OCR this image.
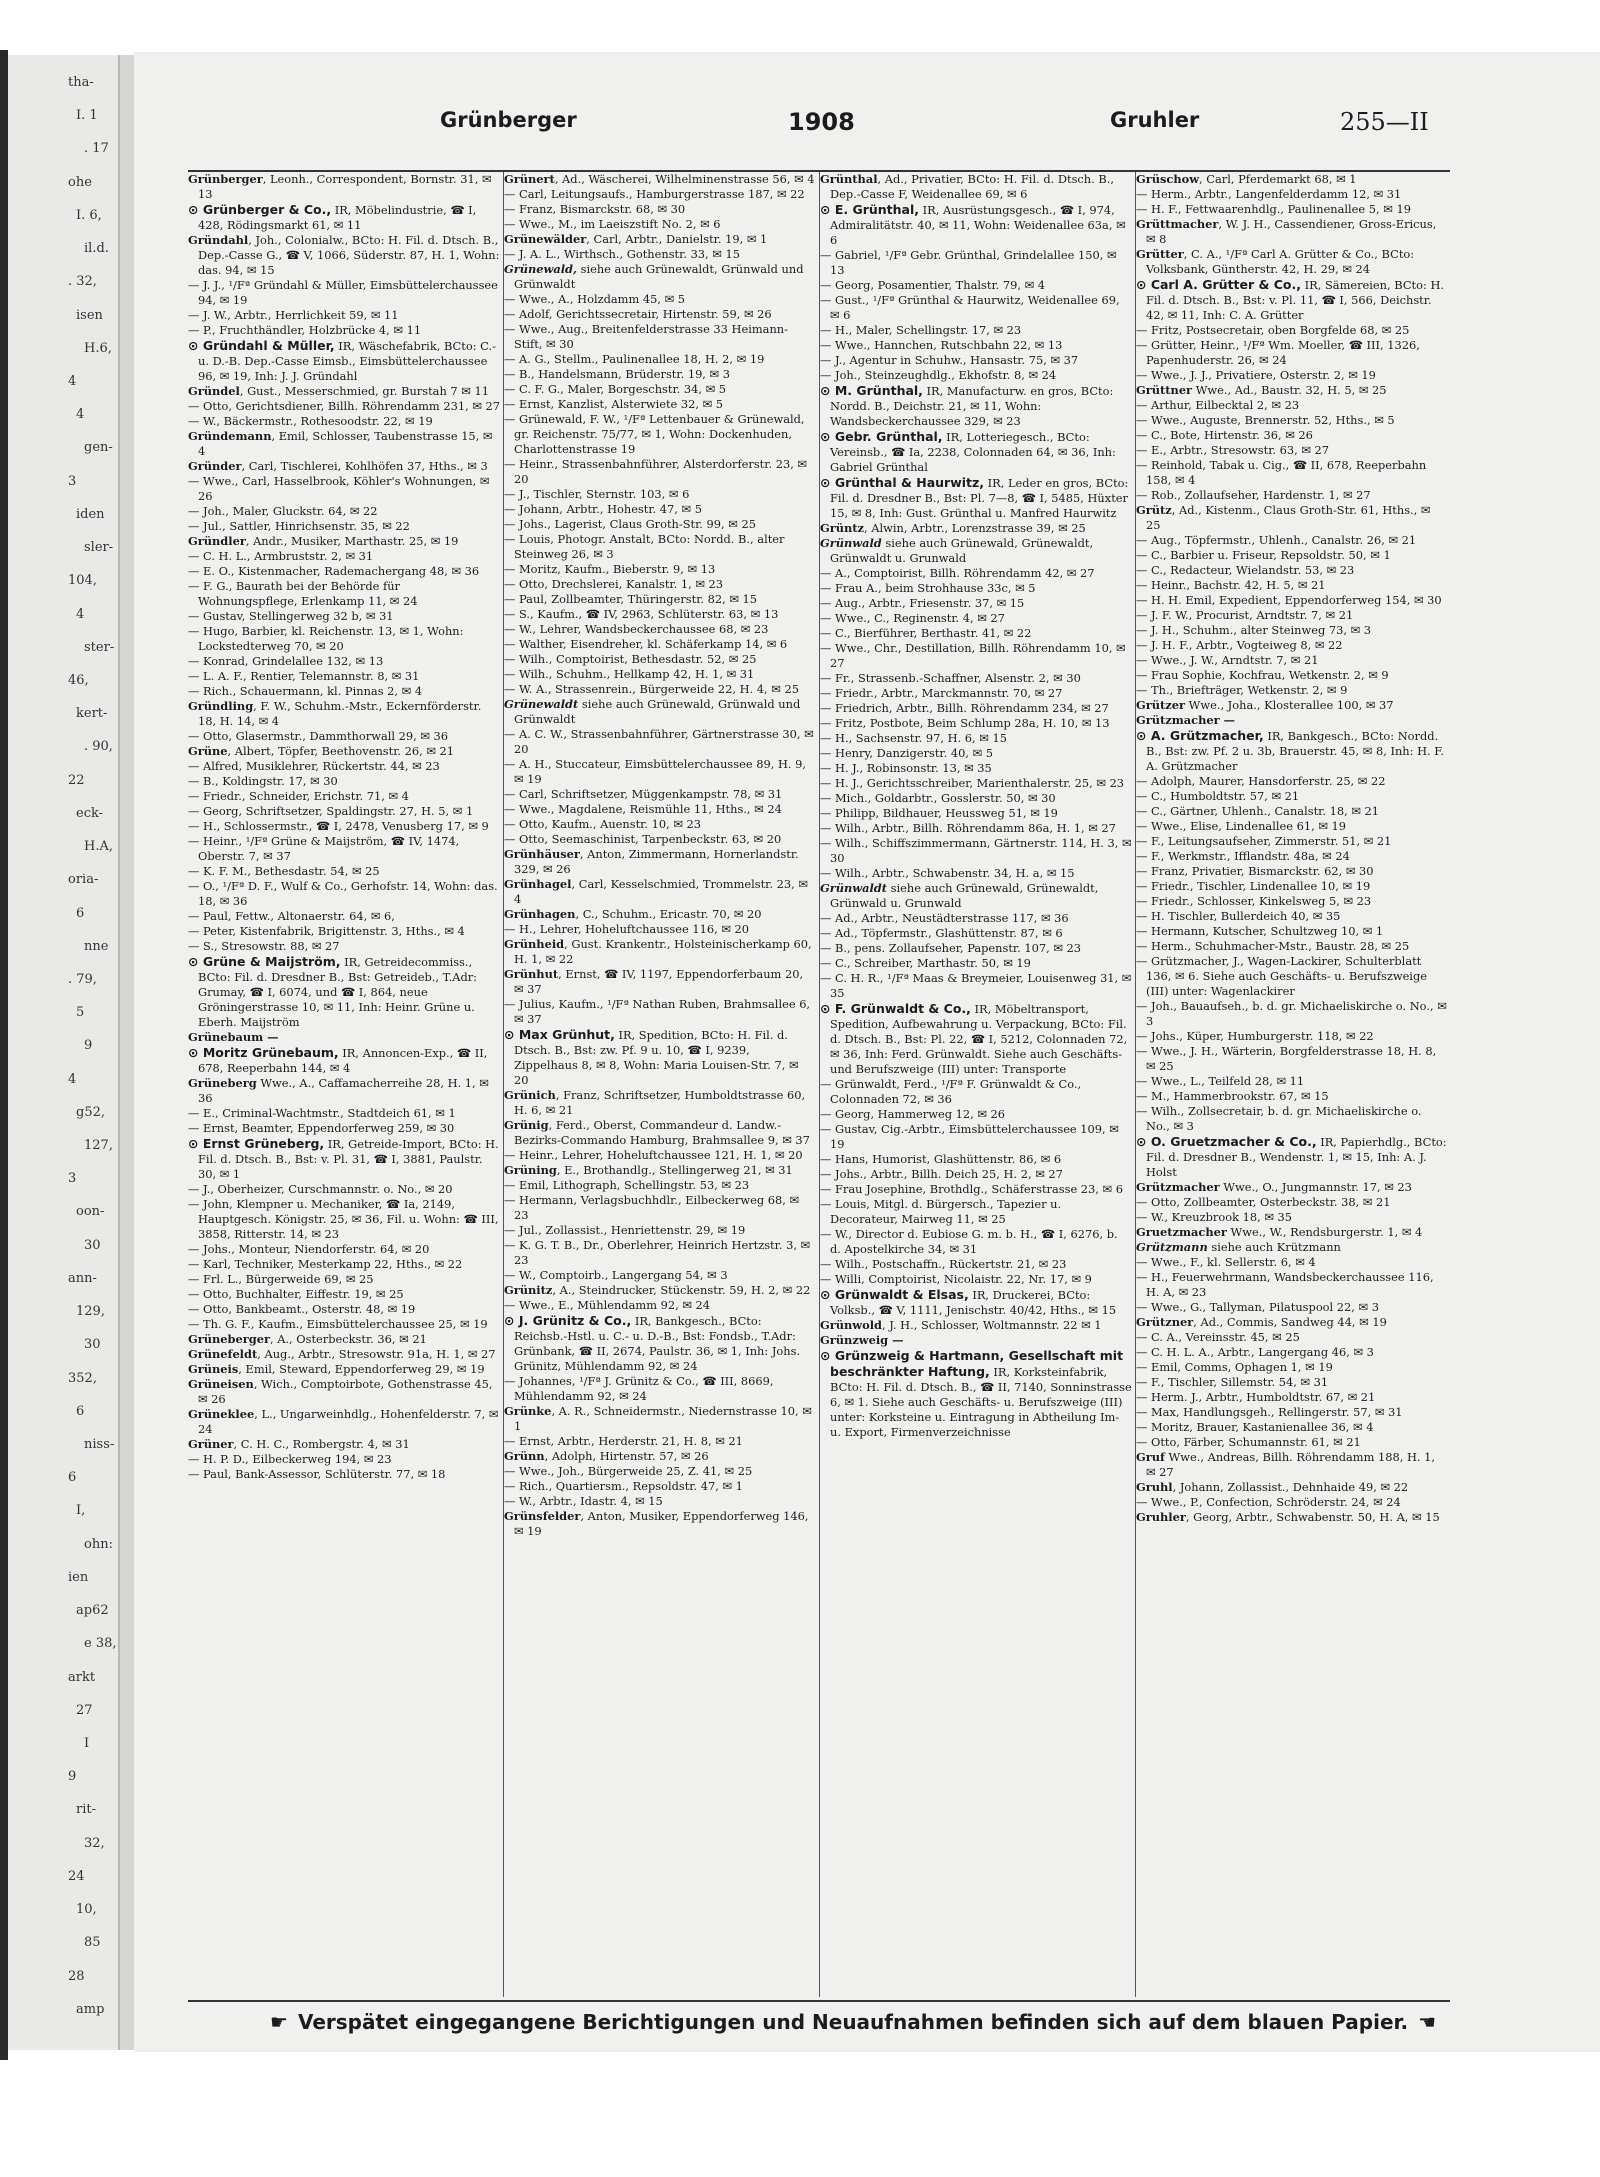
tha-
I. 1
. 17
ohe
I. 6,
il.d.
. 32,
isen
H.6,
4
4
gen-
3
iden
sler-
104,
4
ster-
46,
kert-
. 90,
22
eck-
H.A,
oria-
6
nne
. 79,
5
9
4
g52,
127,
3
oon-
30
ann-
129,
30
352,
6
niss-
6
I,
ohn:
ien
ap62
e 38,
arkt
27
I
9
rit-
32,
24
10,
85
28
amp
Grünberger	1908	Gruhler	255—II

Grünberger, Leonh., Correspondent, Bornstr. 31, ✉ 13

⊙ Grünberger & Co., IR, Möbelindustrie, ☎ I, 428, Rödingsmarkt 61, ✉ 11

Gründahl, Joh., Colonialw., BCto: H. Fil. d. Dtsch. B., Dep.-Casse G., ☎ V, 1066, Süderstr. 87, H. 1, Wohn: das. 94, ✉ 15

— J. J., ¹/Fª Gründahl & Müller, Eimsbüttelerchaussee 94, ✉ 19

— J. W., Arbtr., Herrlichkeit 59, ✉ 11

— P., Fruchthändler, Holzbrücke 4, ✉ 11

⊙ Gründahl & Müller, IR, Wäschefabrik, BCto: C.- u. D.-B. Dep.-Casse Eimsb., Eimsbüttelerchaussee 96, ✉ 19, Inh: J. J. Gründahl

Gründel, Gust., Messerschmied, gr. Burstah 7 ✉ 11

— Otto, Gerichtsdiener, Billh. Röhrendamm 231, ✉ 27

— W., Bäckermstr., Rothesoodstr. 22, ✉ 19

Gründemann, Emil, Schlosser, Taubenstrasse 15, ✉ 4

Gründer, Carl, Tischlerei, Kohlhöfen 37, Hths., ✉ 3

— Wwe., Carl, Hasselbrook, Köhler's Wohnungen, ✉ 26

— Joh., Maler, Gluckstr. 64, ✉ 22

— Jul., Sattler, Hinrichsenstr. 35, ✉ 22

Gründler, Andr., Musiker, Marthastr. 25, ✉ 19

— C. H. L., Armbruststr. 2, ✉ 31

— E. O., Kistenmacher, Rademachergang 48, ✉ 36

— F. G., Baurath bei der Behörde für Wohnungspflege, Erlenkamp 11, ✉ 24

— Gustav, Stellingerweg 32 b, ✉ 31

— Hugo, Barbier, kl. Reichenstr. 13, ✉ 1, Wohn: Lockstedterweg 70, ✉ 20

— Konrad, Grindelallee 132, ✉ 13

— L. A. F., Rentier, Telemannstr. 8, ✉ 31

— Rich., Schauermann, kl. Pinnas 2, ✉ 4

Gründling, F. W., Schuhm.-Mstr., Eckernförderstr. 18, H. 14, ✉ 4

— Otto, Glasermstr., Dammthorwall 29, ✉ 36

Grüne, Albert, Töpfer, Beethovenstr. 26, ✉ 21

— Alfred, Musiklehrer, Rückertstr. 44, ✉ 23

— B., Koldingstr. 17, ✉ 30

— Friedr., Schneider, Erichstr. 71, ✉ 4

— Georg, Schriftsetzer, Spaldingstr. 27, H. 5, ✉ 1

— H., Schlossermstr., ☎ I, 2478, Venusberg 17, ✉ 9

— Heinr., ¹/Fª Grüne & Maijström, ☎ IV, 1474, Oberstr. 7, ✉ 37

— K. F. M., Bethesdastr. 54, ✉ 25

— O., ¹/Fª D. F., Wulf & Co., Gerhofstr. 14, Wohn: das. 18, ✉ 36

— Paul, Fettw., Altonaerstr. 64, ✉ 6,

— Peter, Kistenfabrik, Brigittenstr. 3, Hths., ✉ 4

— S., Stresowstr. 88, ✉ 27

⊙ Grüne & Maijström, IR, Getreidecommiss., BCto: Fil. d. Dresdner B., Bst: Getreideb., T.Adr: Grumay, ☎ I, 6074, und ☎ I, 864, neue Gröningerstrasse 10, ✉ 11, Inh: Heinr. Grüne u. Eberh. Maijström

Grünebaum —

⊙ Moritz Grünebaum, IR, Annoncen-Exp., ☎ II, 678, Reeperbahn 144, ✉ 4

Grüneberg Wwe., A., Caffamacherreihe 28, H. 1, ✉ 36

— E., Criminal-Wachtmstr., Stadtdeich 61, ✉ 1

— Ernst, Beamter, Eppendorferweg 259, ✉ 30

⊙ Ernst Grüneberg, IR, Getreide-Import, BCto: H. Fil. d. Dtsch. B., Bst: v. Pl. 31, ☎ I, 3881, Paulstr. 30, ✉ 1

— J., Oberheizer, Curschmannstr. o. No., ✉ 20

— John, Klempner u. Mechaniker, ☎ Ia, 2149, Hauptgesch. Königstr. 25, ✉ 36, Fil. u. Wohn: ☎ III, 3858, Ritterstr. 14, ✉ 23

— Johs., Monteur, Niendorferstr. 64, ✉ 20

— Karl, Techniker, Mesterkamp 22, Hths., ✉ 22

— Frl. L., Bürgerweide 69, ✉ 25

— Otto, Buchhalter, Eiffestr. 19, ✉ 25

— Otto, Bankbeamt., Osterstr. 48, ✉ 19

— Th. G. F., Kaufm., Eimsbüttelerchaussee 25, ✉ 19

Grüneberger, A., Osterbeckstr. 36, ✉ 21

Grünefeldt, Aug., Arbtr., Stresowstr. 91a, H. 1, ✉ 27

Grüneis, Emil, Steward, Eppendorferweg 29, ✉ 19

Grüneisen, Wich., Comptoirbote, Gothenstrasse 45, ✉ 26

Grüneklee, L., Ungarweinhdlg., Hohenfelderstr. 7, ✉ 24

Grüner, C. H. C., Rombergstr. 4, ✉ 31

— H. P. D., Eilbeckerweg 194, ✉ 23

— Paul, Bank-Assessor, Schlüterstr. 77, ✉ 18

Grünert, Ad., Wäscherei, Wilhelminenstrasse 56, ✉ 4

— Carl, Leitungsaufs., Hamburgerstrasse 187, ✉ 22

— Franz, Bismarckstr. 68, ✉ 30

— Wwe., M., im Laeiszstift No. 2, ✉ 6

Grünewälder, Carl, Arbtr., Danielstr. 19, ✉ 1

— J. A. L., Wirthsch., Gothenstr. 33, ✉ 15

Grünewald, siehe auch Grünewaldt, Grünwald und Grünwaldt

— Wwe., A., Holzdamm 45, ✉ 5

— Adolf, Gerichtssecretair, Hirtenstr. 59, ✉ 26

— Wwe., Aug., Breitenfelderstrasse 33 Heimann-Stift, ✉ 30

— A. G., Stellm., Paulinenallee 18, H. 2, ✉ 19

— B., Handelsmann, Brüderstr. 19, ✉ 3

— C. F. G., Maler, Borgeschstr. 34, ✉ 5

— Ernst, Kanzlist, Alsterwiete 32, ✉ 5

— Grünewald, F. W., ¹/Fª Lettenbauer & Grünewald, gr. Reichenstr. 75/77, ✉ 1, Wohn: Dockenhuden, Charlottenstrasse 19

— Heinr., Strassenbahnführer, Alsterdorferstr. 23, ✉ 20

— J., Tischler, Sternstr. 103, ✉ 6

— Johann, Arbtr., Hohestr. 47, ✉ 5

— Johs., Lagerist, Claus Groth-Str. 99, ✉ 25

— Louis, Photogr. Anstalt, BCto: Nordd. B., alter Steinweg 26, ✉ 3

— Moritz, Kaufm., Bieberstr. 9, ✉ 13

— Otto, Drechslerei, Kanalstr. 1, ✉ 23

— Paul, Zollbeamter, Thüringerstr. 82, ✉ 15

— S., Kaufm., ☎ IV, 2963, Schlüterstr. 63, ✉ 13

— W., Lehrer, Wandsbeckerchaussee 68, ✉ 23

— Walther, Eisendreher, kl. Schäferkamp 14, ✉ 6

— Wilh., Comptoirist, Bethesdastr. 52, ✉ 25

— Wilh., Schuhm., Hellkamp 42, H. 1, ✉ 31

— W. A., Strassenrein., Bürgerweide 22, H. 4, ✉ 25

Grünewaldt siehe auch Grünewald, Grünwald und Grünwaldt

— A. C. W., Strassenbahnführer, Gärtnerstrasse 30, ✉ 20

— A. H., Stuccateur, Eimsbüttelerchaussee 89, H. 9, ✉ 19

— Carl, Schriftsetzer, Müggenkampstr. 78, ✉ 31

— Wwe., Magdalene, Reismühle 11, Hths., ✉ 24

— Otto, Kaufm., Auenstr. 10, ✉ 23

— Otto, Seemaschinist, Tarpenbeckstr. 63, ✉ 20

Grünhäuser, Anton, Zimmermann, Hornerlandstr. 329, ✉ 26

Grünhagel, Carl, Kesselschmied, Trommelstr. 23, ✉ 4

Grünhagen, C., Schuhm., Ericastr. 70, ✉ 20

— H., Lehrer, Hoheluftchaussee 116, ✉ 20

Grünheid, Gust. Krankentr., Holsteinischerkamp 60, H. 1, ✉ 22

Grünhut, Ernst, ☎ IV, 1197, Eppendorferbaum 20, ✉ 37

— Julius, Kaufm., ¹/Fª Nathan Ruben, Brahmsallee 6, ✉ 37

⊙ Max Grünhut, IR, Spedition, BCto: H. Fil. d. Dtsch. B., Bst: zw. Pf. 9 u. 10, ☎ I, 9239, Zippelhaus 8, ✉ 8, Wohn: Maria Louisen-Str. 7, ✉ 20

Grünich, Franz, Schriftsetzer, Humboldtstrasse 60, H. 6, ✉ 21

Grünig, Ferd., Oberst, Commandeur d. Landw.-Bezirks-Commando Hamburg, Brahmsallee 9, ✉ 37

— Heinr., Lehrer, Hoheluftchaussee 121, H. 1, ✉ 20

Grüning, E., Brothandlg., Stellingerweg 21, ✉ 31

— Emil, Lithograph, Schellingstr. 53, ✉ 23

— Hermann, Verlagsbuchhdlr., Eilbeckerweg 68, ✉ 23

— Jul., Zollassist., Henriettenstr. 29, ✉ 19

— K. G. T. B., Dr., Oberlehrer, Heinrich Hertzstr. 3, ✉ 23

— W., Comptoirb., Langergang 54, ✉ 3

Grünitz, A., Steindrucker, Stückenstr. 59, H. 2, ✉ 22

— Wwe., E., Mühlendamm 92, ✉ 24

⊙ J. Grünitz & Co., IR, Bankgesch., BCto: Reichsb.-Hstl. u. C.- u. D.-B., Bst: Fondsb., T.Adr: Grünbank, ☎ II, 2674, Paulstr. 36, ✉ 1, Inh: Johs. Grünitz, Mühlendamm 92, ✉ 24

— Johannes, ¹/Fª J. Grünitz & Co., ☎ III, 8669, Mühlendamm 92, ✉ 24

Grünke, A. R., Schneidermstr., Niedernstrasse 10, ✉ 1

— Ernst, Arbtr., Herderstr. 21, H. 8, ✉ 21

Grünn, Adolph, Hirtenstr. 57, ✉ 26

— Wwe., Joh., Bürgerweide 25, Z. 41, ✉ 25

— Rich., Quartiersm., Repsoldstr. 47, ✉ 1

— W., Arbtr., Idastr. 4, ✉ 15

Grünsfelder, Anton, Musiker, Eppendorferweg 146, ✉ 19

Grünthal, Ad., Privatier, BCto: H. Fil. d. Dtsch. B., Dep.-Casse F, Weidenallee 69, ✉ 6

⊙ E. Grünthal, IR, Ausrüstungsgesch., ☎ I, 974, Admiralitätstr. 40, ✉ 11, Wohn: Weidenallee 63a, ✉ 6

— Gabriel, ¹/Fª Gebr. Grünthal, Grindelallee 150, ✉ 13

— Georg, Posamentier, Thalstr. 79, ✉ 4

— Gust., ¹/Fª Grünthal & Haurwitz, Weidenallee 69, ✉ 6

— H., Maler, Schellingstr. 17, ✉ 23

— Wwe., Hannchen, Rutschbahn 22, ✉ 13

— J., Agentur in Schuhw., Hansastr. 75, ✉ 37

— Joh., Steinzeughdlg., Ekhofstr. 8, ✉ 24

⊙ M. Grünthal, IR, Manufacturw. en gros, BCto: Nordd. B., Deichstr. 21, ✉ 11, Wohn: Wandsbeckerchaussee 329, ✉ 23

⊙ Gebr. Grünthal, IR, Lotteriegesch., BCto: Vereinsb., ☎ Ia, 2238, Colonnaden 64, ✉ 36, Inh: Gabriel Grünthal

⊙ Grünthal & Haurwitz, IR, Leder en gros, BCto: Fil. d. Dresdner B., Bst: Pl. 7—8, ☎ I, 5485, Hüxter 15, ✉ 8, Inh: Gust. Grünthal u. Manfred Haurwitz

Grüntz, Alwin, Arbtr., Lorenzstrasse 39, ✉ 25

Grünwald siehe auch Grünewald, Grünewaldt, Grünwaldt u. Grunwald

— A., Comptoirist, Billh. Röhrendamm 42, ✉ 27

— Frau A., beim Strohhause 33c, ✉ 5

— Aug., Arbtr., Friesenstr. 37, ✉ 15

— Wwe., C., Reginenstr. 4, ✉ 27

— C., Bierführer, Berthastr. 41, ✉ 22

— Wwe., Chr., Destillation, Billh. Röhrendamm 10, ✉ 27

— Fr., Strassenb.-Schaffner, Alsenstr. 2, ✉ 30

— Friedr., Arbtr., Marckmannstr. 70, ✉ 27

— Friedrich, Arbtr., Billh. Röhrendamm 234, ✉ 27

— Fritz, Postbote, Beim Schlump 28a, H. 10, ✉ 13

— H., Sachsenstr. 97, H. 6, ✉ 15

— Henry, Danzigerstr. 40, ✉ 5

— H. J., Robinsonstr. 13, ✉ 35

— H. J., Gerichtsschreiber, Marienthalerstr. 25, ✉ 23

— Mich., Goldarbtr., Gosslerstr. 50, ✉ 30

— Philipp, Bildhauer, Heussweg 51, ✉ 19

— Wilh., Arbtr., Billh. Röhrendamm 86a, H. 1, ✉ 27

— Wilh., Schiffszimmermann, Gärtnerstr. 114, H. 3, ✉ 30

— Wilh., Arbtr., Schwabenstr. 34, H. a, ✉ 15

Grünwaldt siehe auch Grünewald, Grünewaldt, Grünwald u. Grunwald

— Ad., Arbtr., Neustädterstrasse 117, ✉ 36

— Ad., Töpfermstr., Glashüttenstr. 87, ✉ 6

— B., pens. Zollaufseher, Papenstr. 107, ✉ 23

— C., Schreiber, Marthastr. 50, ✉ 19

— C. H. R., ¹/Fª Maas & Breymeier, Louisenweg 31, ✉ 35

⊙ F. Grünwaldt & Co., IR, Möbeltransport, Spedition, Aufbewahrung u. Verpackung, BCto: Fil. d. Dtsch. B., Bst: Pl. 22, ☎ I, 5212, Colonnaden 72, ✉ 36, Inh: Ferd. Grünwaldt. Siehe auch Geschäfts- und Berufszweige (III) unter: Transporte

— Grünwaldt, Ferd., ¹/Fª F. Grünwaldt & Co., Colonnaden 72, ✉ 36

— Georg, Hammerweg 12, ✉ 26

— Gustav, Cig.-Arbtr., Eimsbüttelerchaussee 109, ✉ 19

— Hans, Humorist, Glashüttenstr. 86, ✉ 6

— Johs., Arbtr., Billh. Deich 25, H. 2, ✉ 27

— Frau Josephine, Brothdlg., Schäferstrasse 23, ✉ 6

— Louis, Mitgl. d. Bürgersch., Tapezier u. Decorateur, Mairweg 11, ✉ 25

— W., Director d. Eubiose G. m. b. H., ☎ I, 6276, b. d. Apostelkirche 34, ✉ 31

— Wilh., Postschaffn., Rückertstr. 21, ✉ 23

— Willi, Comptoirist, Nicolaistr. 22, Nr. 17, ✉ 9

⊙ Grünwaldt & Elsas, IR, Druckerei, BCto: Volksb., ☎ V, 1111, Jenischstr. 40/42, Hths., ✉ 15

Grünwold, J. H., Schlosser, Woltmannstr. 22 ✉ 1

Grünzweig —

⊙ Grünzweig & Hartmann, Gesellschaft mit beschränkter Haftung, IR, Korksteinfabrik, BCto: H. Fil. d. Dtsch. B., ☎ II, 7140, Sonninstrasse 6, ✉ 1. Siehe auch Geschäfts- u. Berufszweige (III) unter: Korksteine u. Eintragung in Abtheilung Im- u. Export, Firmenverzeichnisse

Grüschow, Carl, Pferdemarkt 68, ✉ 1

— Herm., Arbtr., Langenfelderdamm 12, ✉ 31

— H. F., Fettwaarenhdlg., Paulinenallee 5, ✉ 19

Grüttmacher, W. J. H., Cassendiener, Gross-Ericus, ✉ 8

Grütter, C. A., ¹/Fª Carl A. Grütter & Co., BCto: Volksbank, Güntherstr. 42, H. 29, ✉ 24

⊙ Carl A. Grütter & Co., IR, Sämereien, BCto: H. Fil. d. Dtsch. B., Bst: v. Pl. 11, ☎ I, 566, Deichstr. 42, ✉ 11, Inh: C. A. Grütter

— Fritz, Postsecretair, oben Borgfelde 68, ✉ 25

— Grütter, Heinr., ¹/Fª Wm. Moeller, ☎ III, 1326, Papenhuderstr. 26, ✉ 24

— Wwe., J. J., Privatiere, Osterstr. 2, ✉ 19

Grüttner Wwe., Ad., Baustr. 32, H. 5, ✉ 25

— Arthur, Eilbecktal 2, ✉ 23

— Wwe., Auguste, Brennerstr. 52, Hths., ✉ 5

— C., Bote, Hirtenstr. 36, ✉ 26

— E., Arbtr., Stresowstr. 63, ✉ 27

— Reinhold, Tabak u. Cig., ☎ II, 678, Reeperbahn 158, ✉ 4

— Rob., Zollaufseher, Hardenstr. 1, ✉ 27

Grütz, Ad., Kistenm., Claus Groth-Str. 61, Hths., ✉ 25

— Aug., Töpfermstr., Uhlenh., Canalstr. 26, ✉ 21

— C., Barbier u. Friseur, Repsoldstr. 50, ✉ 1

— C., Redacteur, Wielandstr. 53, ✉ 23

— Heinr., Bachstr. 42, H. 5, ✉ 21

— H. H. Emil, Expedient, Eppendorferweg 154, ✉ 30

— J. F. W., Procurist, Arndtstr. 7, ✉ 21

— J. H., Schuhm., alter Steinweg 73, ✉ 3

— J. H. F., Arbtr., Vogteiweg 8, ✉ 22

— Wwe., J. W., Arndtstr. 7, ✉ 21

— Frau Sophie, Kochfrau, Wetkenstr. 2, ✉ 9

— Th., Briefträger, Wetkenstr. 2, ✉ 9

Grützer Wwe., Joha., Klosterallee 100, ✉ 37

Grützmacher —

⊙ A. Grützmacher, IR, Bankgesch., BCto: Nordd. B., Bst: zw. Pf. 2 u. 3b, Brauerstr. 45, ✉ 8, Inh: H. F. A. Grützmacher

— Adolph, Maurer, Hansdorferstr. 25, ✉ 22

— C., Humboldtstr. 57, ✉ 21

— C., Gärtner, Uhlenh., Canalstr. 18, ✉ 21

— Wwe., Elise, Lindenallee 61, ✉ 19

— F., Leitungsaufseher, Zimmerstr. 51, ✉ 21

— F., Werkmstr., Ifflandstr. 48a, ✉ 24

— Franz, Privatier, Bismarckstr. 62, ✉ 30

— Friedr., Tischler, Lindenallee 10, ✉ 19

— Friedr., Schlosser, Kinkelsweg 5, ✉ 23

— H. Tischler, Bullerdeich 40, ✉ 35

— Hermann, Kutscher, Schultzweg 10, ✉ 1

— Herm., Schuhmacher-Mstr., Baustr. 28, ✉ 25

— Grützmacher, J., Wagen-Lackirer, Schulterblatt 136, ✉ 6. Siehe auch Geschäfts- u. Berufszweige (III) unter: Wagenlackirer

— Joh., Bauaufseh., b. d. gr. Michaeliskirche o. No., ✉ 3

— Johs., Küper, Humburgerstr. 118, ✉ 22

— Wwe., J. H., Wärterin, Borgfelderstrasse 18, H. 8, ✉ 25

— Wwe., L., Teilfeld 28, ✉ 11

— M., Hammerbrookstr. 67, ✉ 15

— Wilh., Zollsecretair, b. d. gr. Michaeliskirche o. No., ✉ 3

⊙ O. Gruetzmacher & Co., IR, Papierhdlg., BCto: Fil. d. Dresdner B., Wendenstr. 1, ✉ 15, Inh: A. J. Holst

Grützmacher Wwe., O., Jungmannstr. 17, ✉ 23

— Otto, Zollbeamter, Osterbeckstr. 38, ✉ 21

— W., Kreuzbrook 18, ✉ 35

Gruetzmacher Wwe., W., Rendsburgerstr. 1, ✉ 4

Grützmann siehe auch Krützmann

— Wwe., F., kl. Sellerstr. 6, ✉ 4

— H., Feuerwehrmann, Wandsbeckerchaussee 116, H. A, ✉ 23

— Wwe., G., Tallyman, Pilatuspool 22, ✉ 3

Grützner, Ad., Commis, Sandweg 44, ✉ 19

— C. A., Vereinsstr. 45, ✉ 25

— C. H. L. A., Arbtr., Langergang 46, ✉ 3

— Emil, Comms, Ophagen 1, ✉ 19

— F., Tischler, Sillemstr. 54, ✉ 31

— Herm. J., Arbtr., Humboldtstr. 67, ✉ 21

— Max, Handlungsgeh., Rellingerstr. 57, ✉ 31

— Moritz, Brauer, Kastanienallee 36, ✉ 4

— Otto, Färber, Schumannstr. 61, ✉ 21

Gruf Wwe., Andreas, Billh. Röhrendamm 188, H. 1, ✉ 27

Gruhl, Johann, Zollassist., Dehnhaide 49, ✉ 22

— Wwe., P., Confection, Schröderstr. 24, ✉ 24

Gruhler, Georg, Arbtr., Schwabenstr. 50, H. A, ✉ 15

☛ Verspätet eingegangene Berichtigungen und Neuaufnahmen befinden sich auf dem blauen Papier. ☚
